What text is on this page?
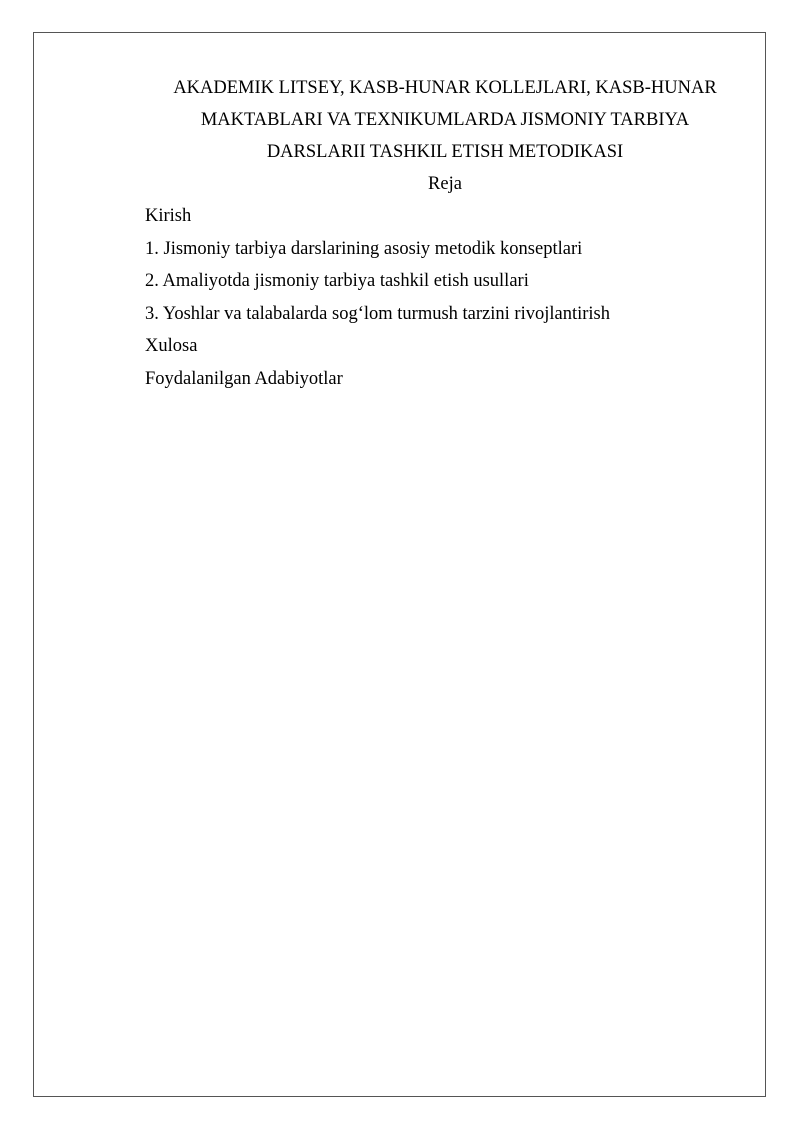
AKADEMIK LITSEY, KASB-HUNAR KOLLEJLARI, KASB-HUNAR
MAKTABLARI VA TEXNIKUMLARDA JISMONIY TARBIYA
DARSLARII TASHKIL ETISH METODIKASI

Reja

Kirish
1. Jismoniy tarbiya darslarining asosiy metodik konseptlari
2. Amaliyotda jismoniy tarbiya tashkil etish usullari
3. Yoshlar va talabalarda sog‘lom turmush tarzini rivojlantirish
Xulosa
Foydalanilgan Adabiyotlar
